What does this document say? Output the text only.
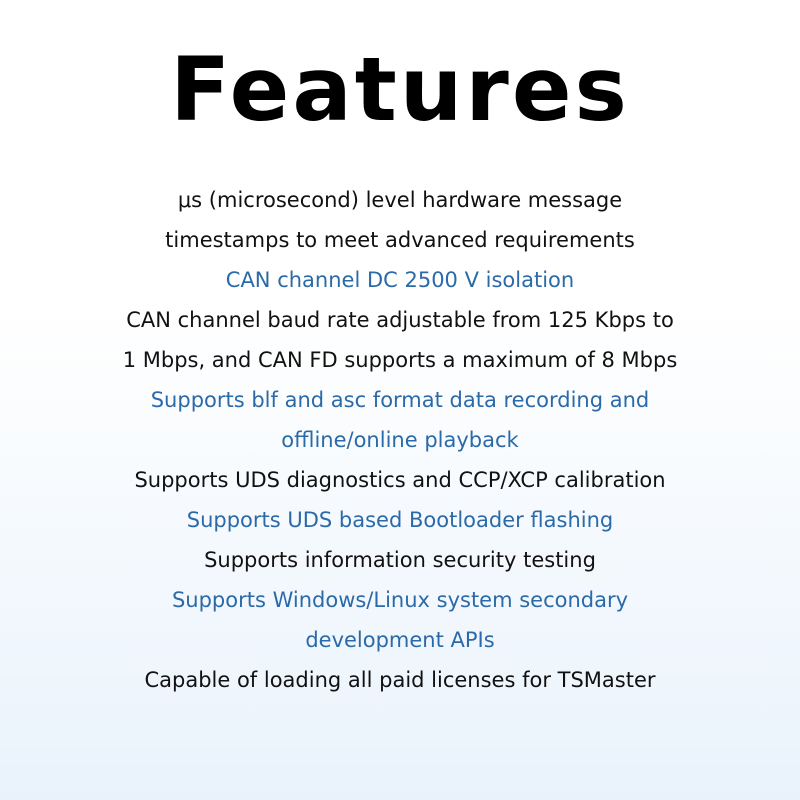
Features
μs (microsecond) level hardware message
timestamps to meet advanced requirements
CAN channel DC 2500 V isolation
CAN channel baud rate adjustable from 125 Kbps to
1 Mbps, and CAN FD supports a maximum of 8 Mbps
Supports blf and asc format data recording and
offline/online playback
Supports UDS diagnostics and CCP/XCP calibration
Supports UDS based Bootloader flashing
Supports information security testing
Supports Windows/Linux system secondary
development APIs
Capable of loading all paid licenses for TSMaster
